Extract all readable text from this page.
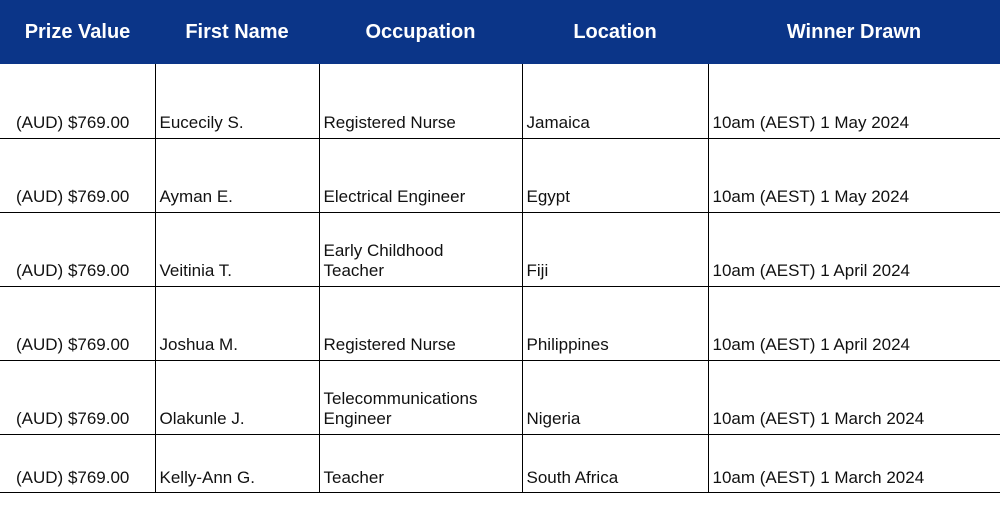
Prize Value	First Name	Occupation	Location	Winner Drawn
(AUD) $769.00	Eucecily S.	Registered Nurse	Jamaica	10am (AEST) 1 May 2024
(AUD) $769.00	Ayman E.	Electrical Engineer	Egypt	10am (AEST) 1 May 2024
(AUD) $769.00	Veitinia T.	Early Childhood Teacher	Fiji	10am (AEST) 1 April 2024
(AUD) $769.00	Joshua M.	Registered Nurse	Philippines	10am (AEST) 1 April 2024
(AUD) $769.00	Olakunle J.	Telecommunications Engineer	Nigeria	10am (AEST) 1 March 2024
(AUD) $769.00	Kelly-Ann G.	Teacher	South Africa	10am (AEST) 1 March 2024
